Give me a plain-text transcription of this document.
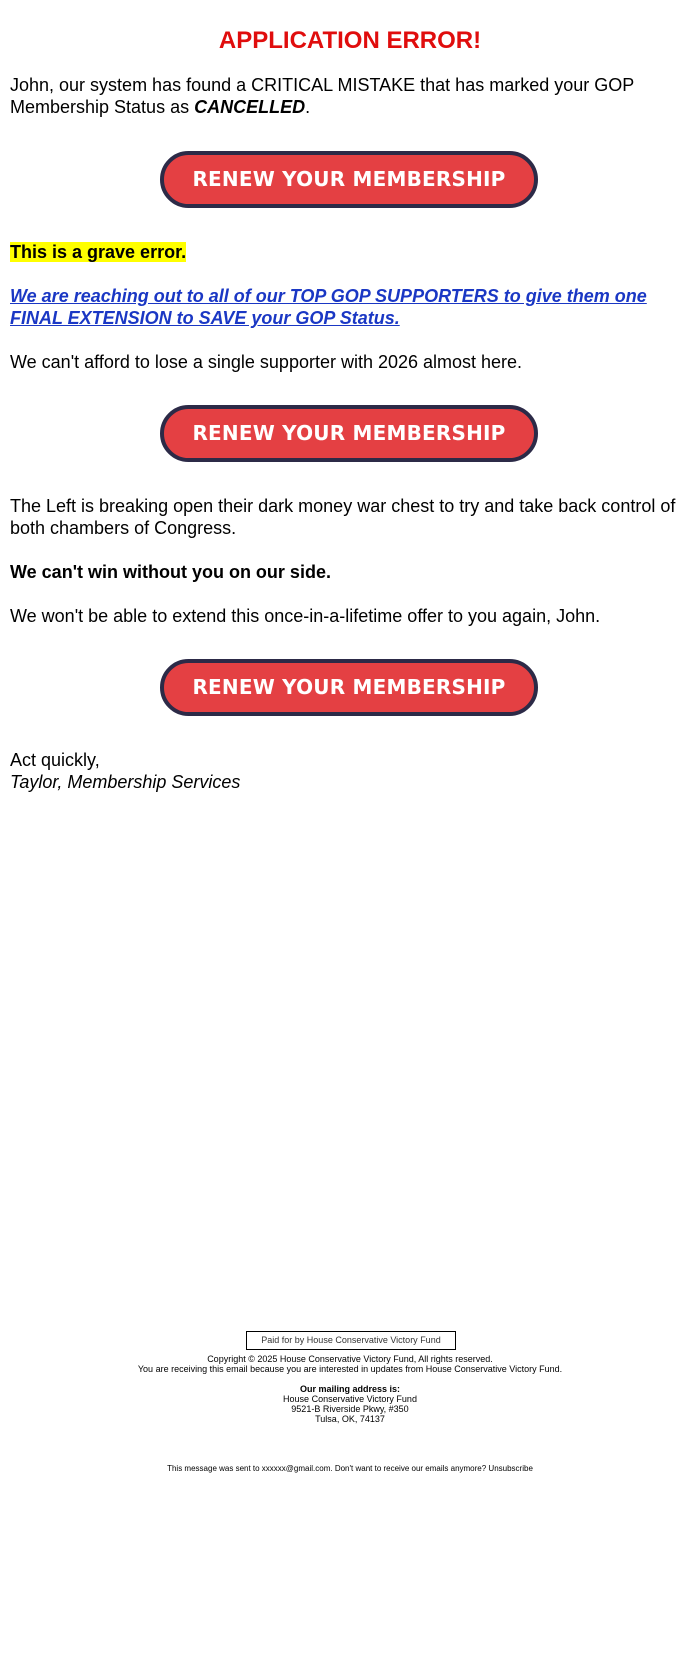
APPLICATION ERROR!
John, our system has found a CRITICAL MISTAKE that has marked your GOP
Membership Status as CANCELLED.
RENEW YOUR MEMBERSHIP
This is a grave error.
We are reaching out to all of our TOP GOP SUPPORTERS to give them one
FINAL EXTENSION to SAVE your GOP Status.
We can't afford to lose a single supporter with 2026 almost here.
RENEW YOUR MEMBERSHIP
The Left is breaking open their dark money war chest to try and take back control of
both chambers of Congress.
We can't win without you on our side.
We won't be able to extend this once-in-a-lifetime offer to you again, John.
RENEW YOUR MEMBERSHIP
Act quickly,
Taylor, Membership Services
Paid for by House Conservative Victory Fund
Copyright © 2025 House Conservative Victory Fund, All rights reserved.
You are receiving this email because you are interested in updates from House Conservative Victory Fund.
Our mailing address is:
House Conservative Victory Fund
9521-B Riverside Pkwy, #350
Tulsa, OK, 74137
This message was sent to xxxxxx@gmail.com. Don't want to receive our emails anymore? Unsubscribe
